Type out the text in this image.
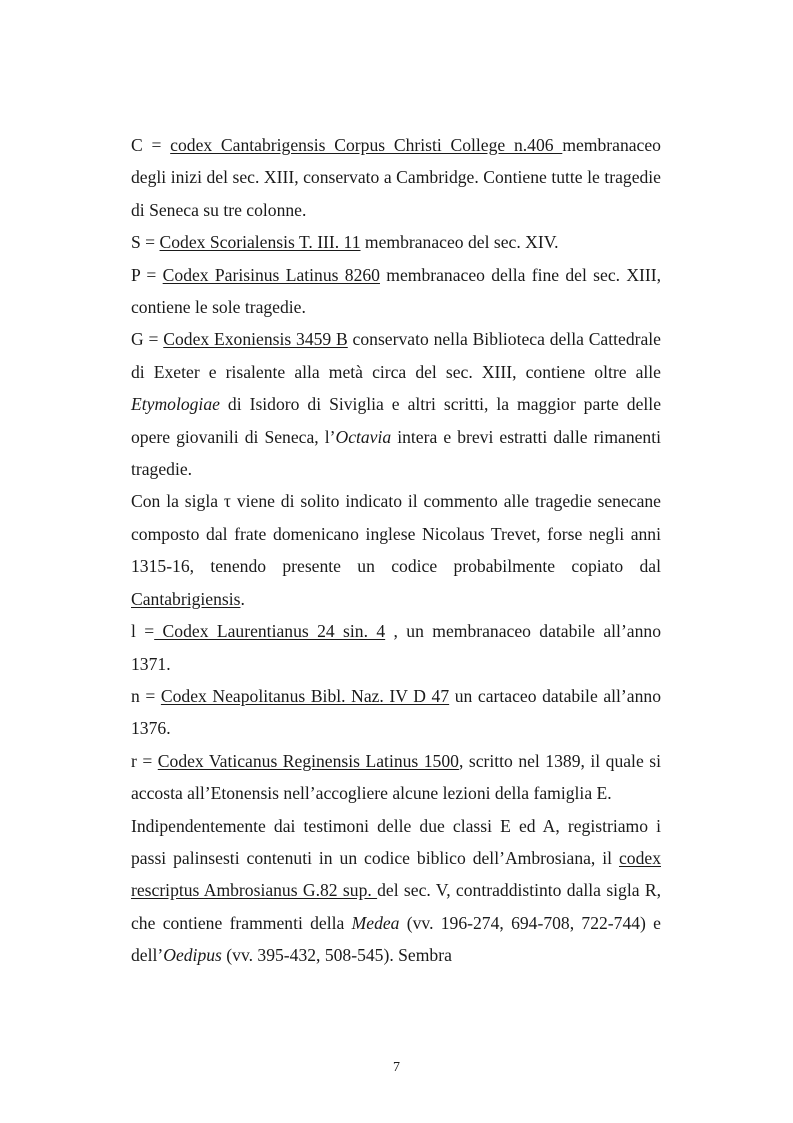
C = codex Cantabrigensis Corpus Christi College n.406 membranaceo degli inizi del sec. XIII, conservato a Cambridge. Contiene tutte le tragedie di Seneca su tre colonne.

S = Codex Scorialensis T. III. 11 membranaceo del sec. XIV.

P = Codex Parisinus Latinus 8260 membranaceo della fine del sec. XIII, contiene le sole tragedie.

G = Codex Exoniensis 3459 B conservato nella Biblioteca della Cattedrale di Exeter e risalente alla metà circa del sec. XIII, contiene oltre alle Etymologiae di Isidoro di Siviglia e altri scritti, la maggior parte delle opere giovanili di Seneca, l’Octavia intera e brevi estratti dalle rimanenti tragedie.

Con la sigla τ viene di solito indicato il commento alle tragedie senecane composto dal frate domenicano inglese Nicolaus Trevet, forse negli anni 1315-16, tenendo presente un codice probabilmente copiato dal Cantabrigiensis.

l = Codex Laurentianus 24 sin. 4 , un membranaceo databile all’anno 1371.

n = Codex Neapolitanus Bibl. Naz. IV D 47 un cartaceo databile all’anno 1376.

r = Codex Vaticanus Reginensis Latinus 1500, scritto nel 1389, il quale si accosta all’Etonensis nell’accogliere alcune lezioni della famiglia E.

Indipendentemente dai testimoni delle due classi E ed A, registriamo i passi palinsesti contenuti in un codice biblico dell’Ambrosiana, il codex rescriptus Ambrosianus G.82 sup. del sec. V, contraddistinto dalla sigla R, che contiene frammenti della Medea (vv. 196-274, 694-708, 722-744) e dell’Oedipus (vv. 395-432, 508-545). Sembra

7
